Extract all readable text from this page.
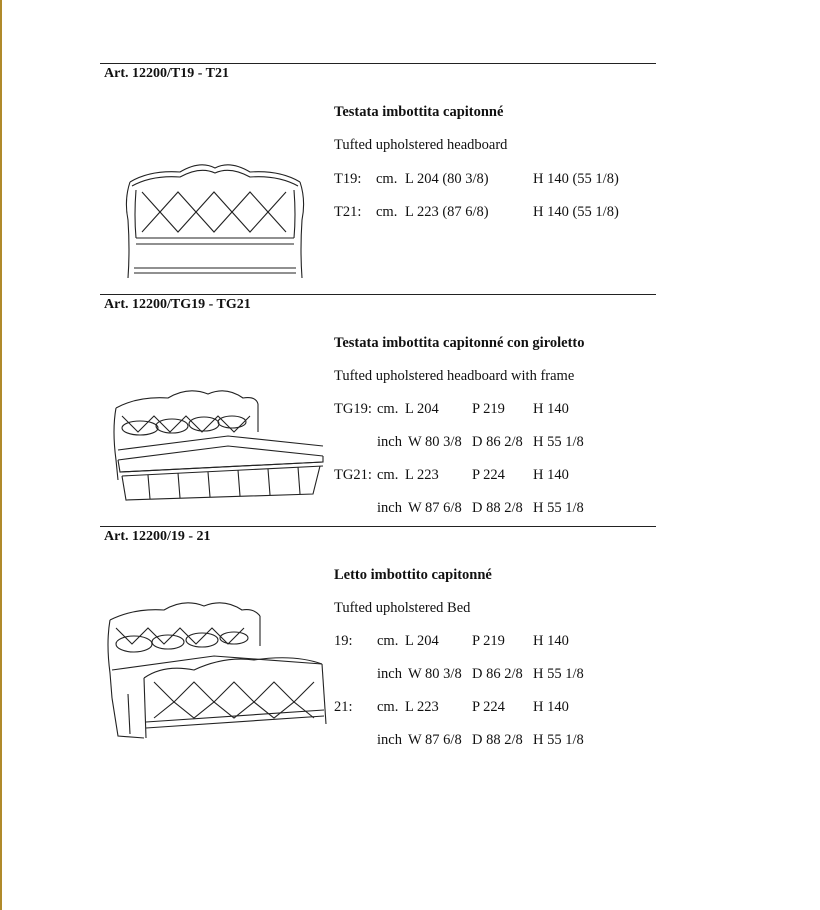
Art. 12200/T19 - T21
Testata imbottita capitonné
Tufted upholstered headboard
T19: cm. L 204 (80 3/8)	H 140 (55 1/8)
T21: cm. L 223 (87 6/8)	H 140 (55 1/8)
Art. 12200/TG19 - TG21
Testata imbottita capitonné con giroletto
Tufted upholstered headboard with frame
TG19: cm. L 204 P 219 H 140
inch W 80 3/8 D 86 2/8 H 55 1/8
TG21: cm. L 223 P 224 H 140
inch W 87 6/8 D 88 2/8 H 55 1/8
Art. 12200/19 - 21
Letto imbottito capitonné
Tufted upholstered Bed
19: cm. L 204 P 219 H 140
inch W 80 3/8 D 86 2/8 H 55 1/8
21: cm. L 223 P 224 H 140
inch W 87 6/8 D 88 2/8 H 55 1/8
